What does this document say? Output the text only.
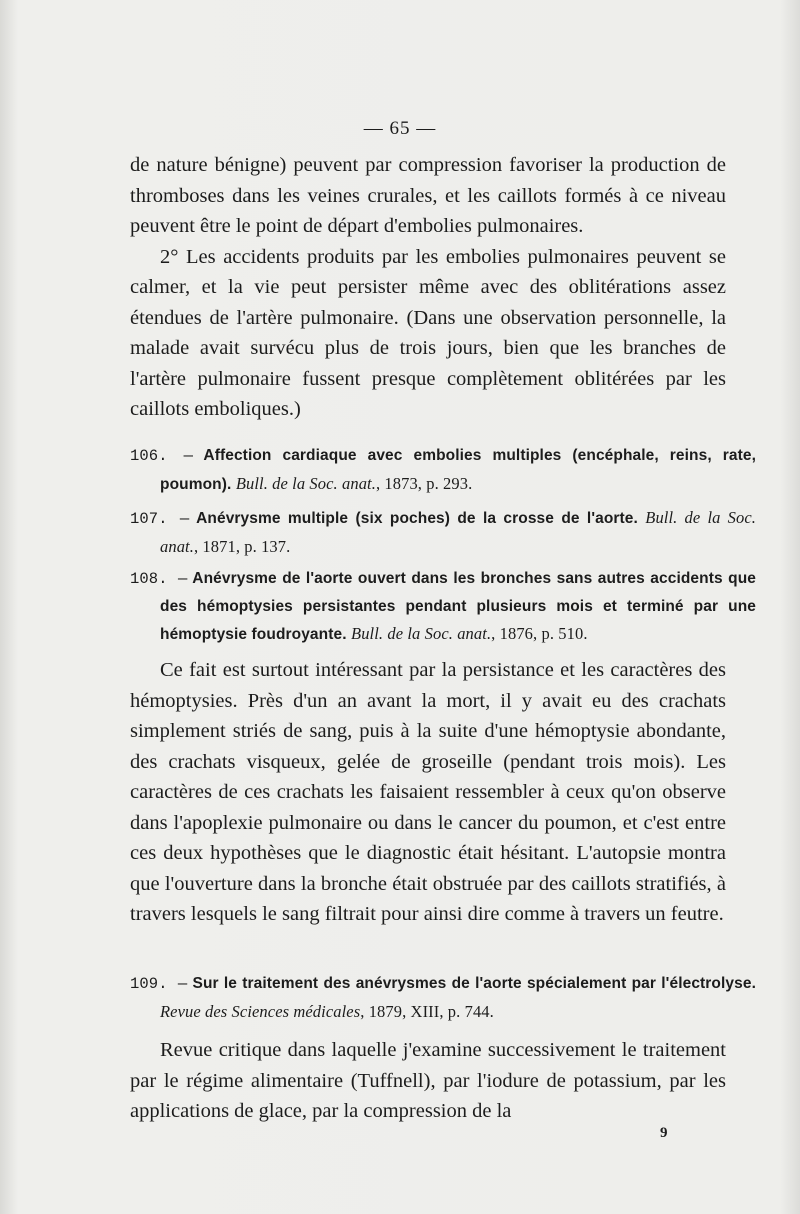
— 65 —

de nature bénigne) peuvent par compression favoriser la production de thromboses dans les veines crurales, et les caillots formés à ce niveau peuvent être le point de départ d'embolies pulmonaires.

2° Les accidents produits par les embolies pulmonaires peuvent se calmer, et la vie peut persister même avec des oblitérations assez étendues de l'artère pulmonaire. (Dans une observation personnelle, la malade avait survécu plus de trois jours, bien que les branches de l'artère pulmonaire fussent presque complètement oblitérées par les caillots emboliques.)

106. — Affection cardiaque avec embolies multiples (encéphale, reins, rate, poumon). Bull. de la Soc. anat., 1873, p. 293.
107. — Anévrysme multiple (six poches) de la crosse de l'aorte. Bull. de la Soc. anat., 1871, p. 137.
108. — Anévrysme de l'aorte ouvert dans les bronches sans autres accidents que des hémoptysies persistantes pendant plusieurs mois et terminé par une hémoptysie foudroyante. Bull. de la Soc. anat., 1876, p. 510.

Ce fait est surtout intéressant par la persistance et les caractères des hémoptysies. Près d'un an avant la mort, il y avait eu des crachats simplement striés de sang, puis à la suite d'une hémoptysie abondante, des crachats visqueux, gelée de groseille (pendant trois mois). Les caractères de ces crachats les faisaient ressembler à ceux qu'on observe dans l'apoplexie pulmonaire ou dans le cancer du poumon, et c'est entre ces deux hypothèses que le diagnostic était hésitant. L'autopsie montra que l'ouverture dans la bronche était obstruée par des caillots stratifiés, à travers lesquels le sang filtrait pour ainsi dire comme à travers un feutre.

109. — Sur le traitement des anévrysmes de l'aorte spécialement par l'électrolyse. Revue des Sciences médicales, 1879, XIII, p. 744.

Revue critique dans laquelle j'examine successivement le traitement par le régime alimentaire (Tuffnell), par l'iodure de potassium, par les applications de glace, par la compression de la

9
